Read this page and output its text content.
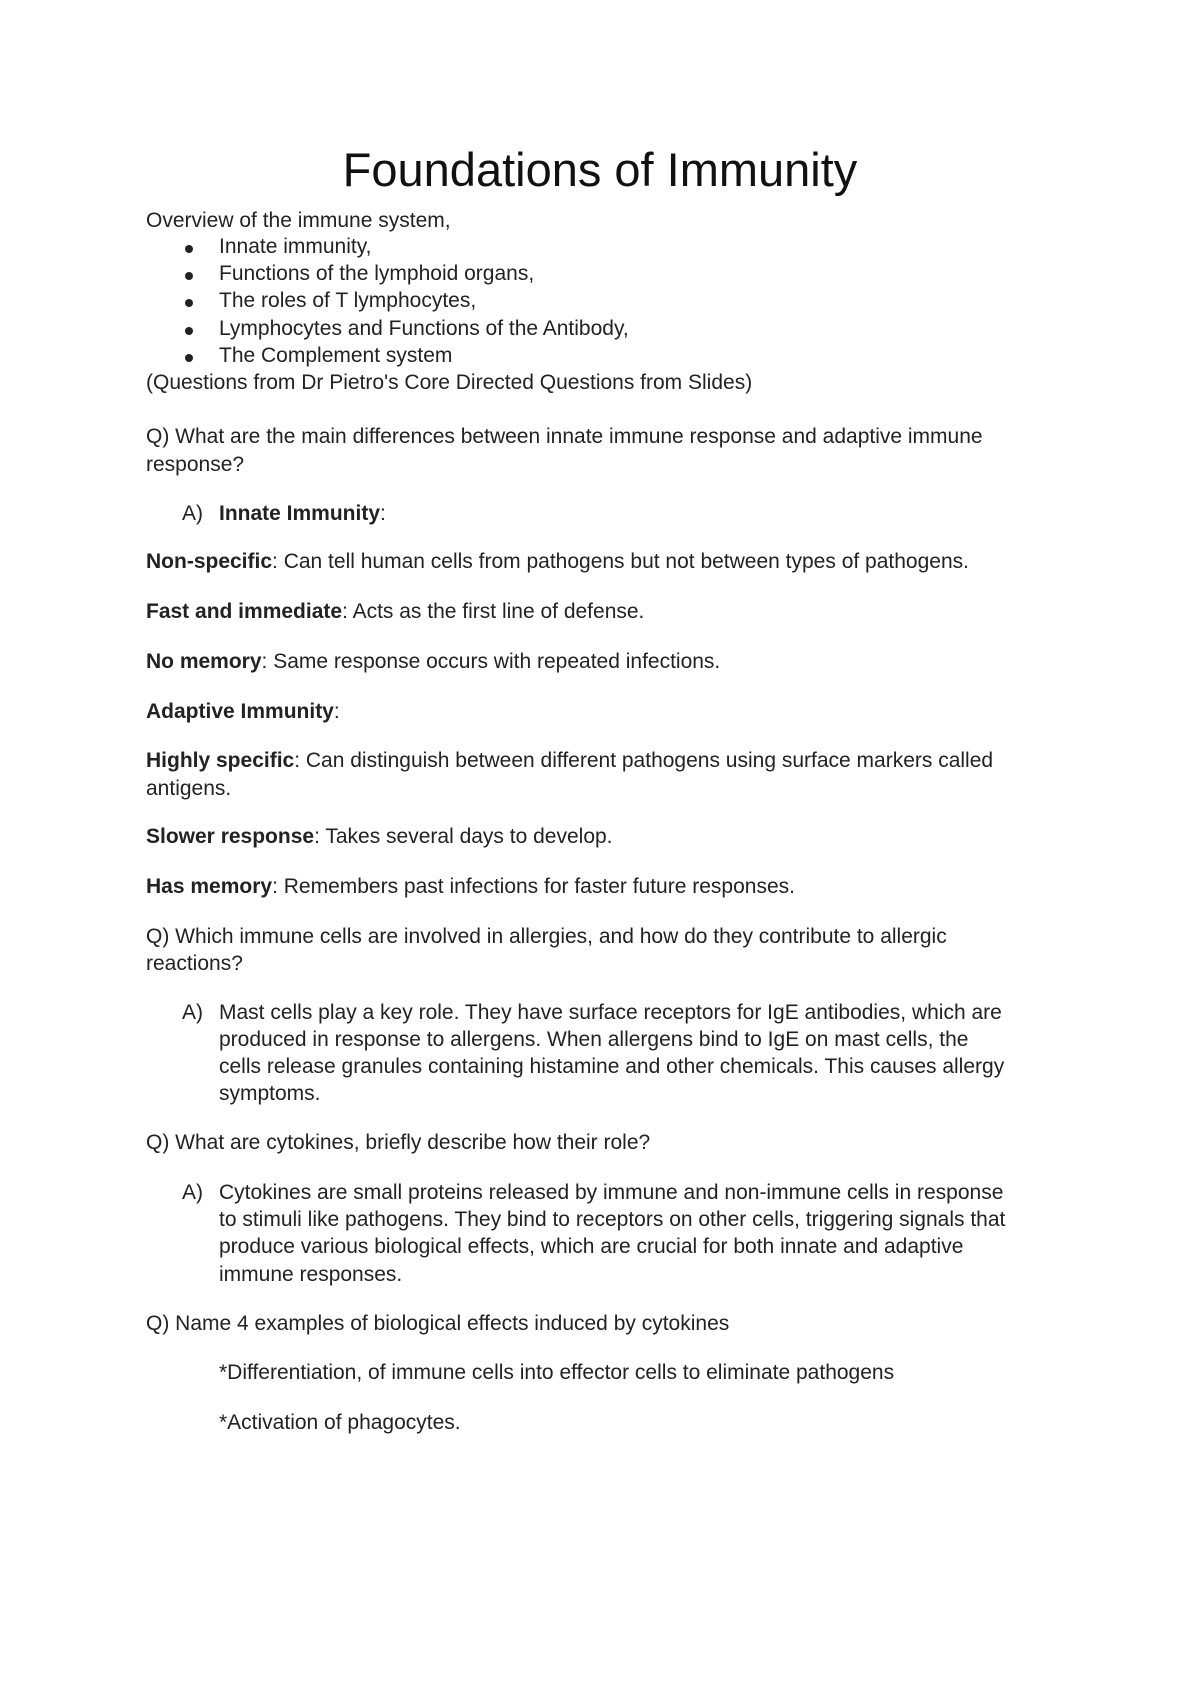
Foundations of Immunity
Overview of the immune system,
Innate immunity,
Functions of the lymphoid organs,
The roles of T lymphocytes,
Lymphocytes and Functions of the Antibody,
The Complement system
(Questions from Dr Pietro's Core Directed Questions from Slides)
Q) What are the main differences between innate immune response and adaptive immune
response?
A) Innate Immunity:
Non-specific: Can tell human cells from pathogens but not between types of pathogens.
Fast and immediate: Acts as the first line of defense.
No memory: Same response occurs with repeated infections.
Adaptive Immunity:
Highly specific: Can distinguish between different pathogens using surface markers called
antigens.
Slower response: Takes several days to develop.
Has memory: Remembers past infections for faster future responses.
Q) Which immune cells are involved in allergies, and how do they contribute to allergic
reactions?
A) Mast cells play a key role. They have surface receptors for IgE antibodies, which are
produced in response to allergens. When allergens bind to IgE on mast cells, the
cells release granules containing histamine and other chemicals. This causes allergy
symptoms.
Q) What are cytokines, briefly describe how their role?
A) Cytokines are small proteins released by immune and non-immune cells in response
to stimuli like pathogens. They bind to receptors on other cells, triggering signals that
produce various biological effects, which are crucial for both innate and adaptive
immune responses.
Q) Name 4 examples of biological effects induced by cytokines
*Differentiation, of immune cells into effector cells to eliminate pathogens
*Activation of phagocytes.
